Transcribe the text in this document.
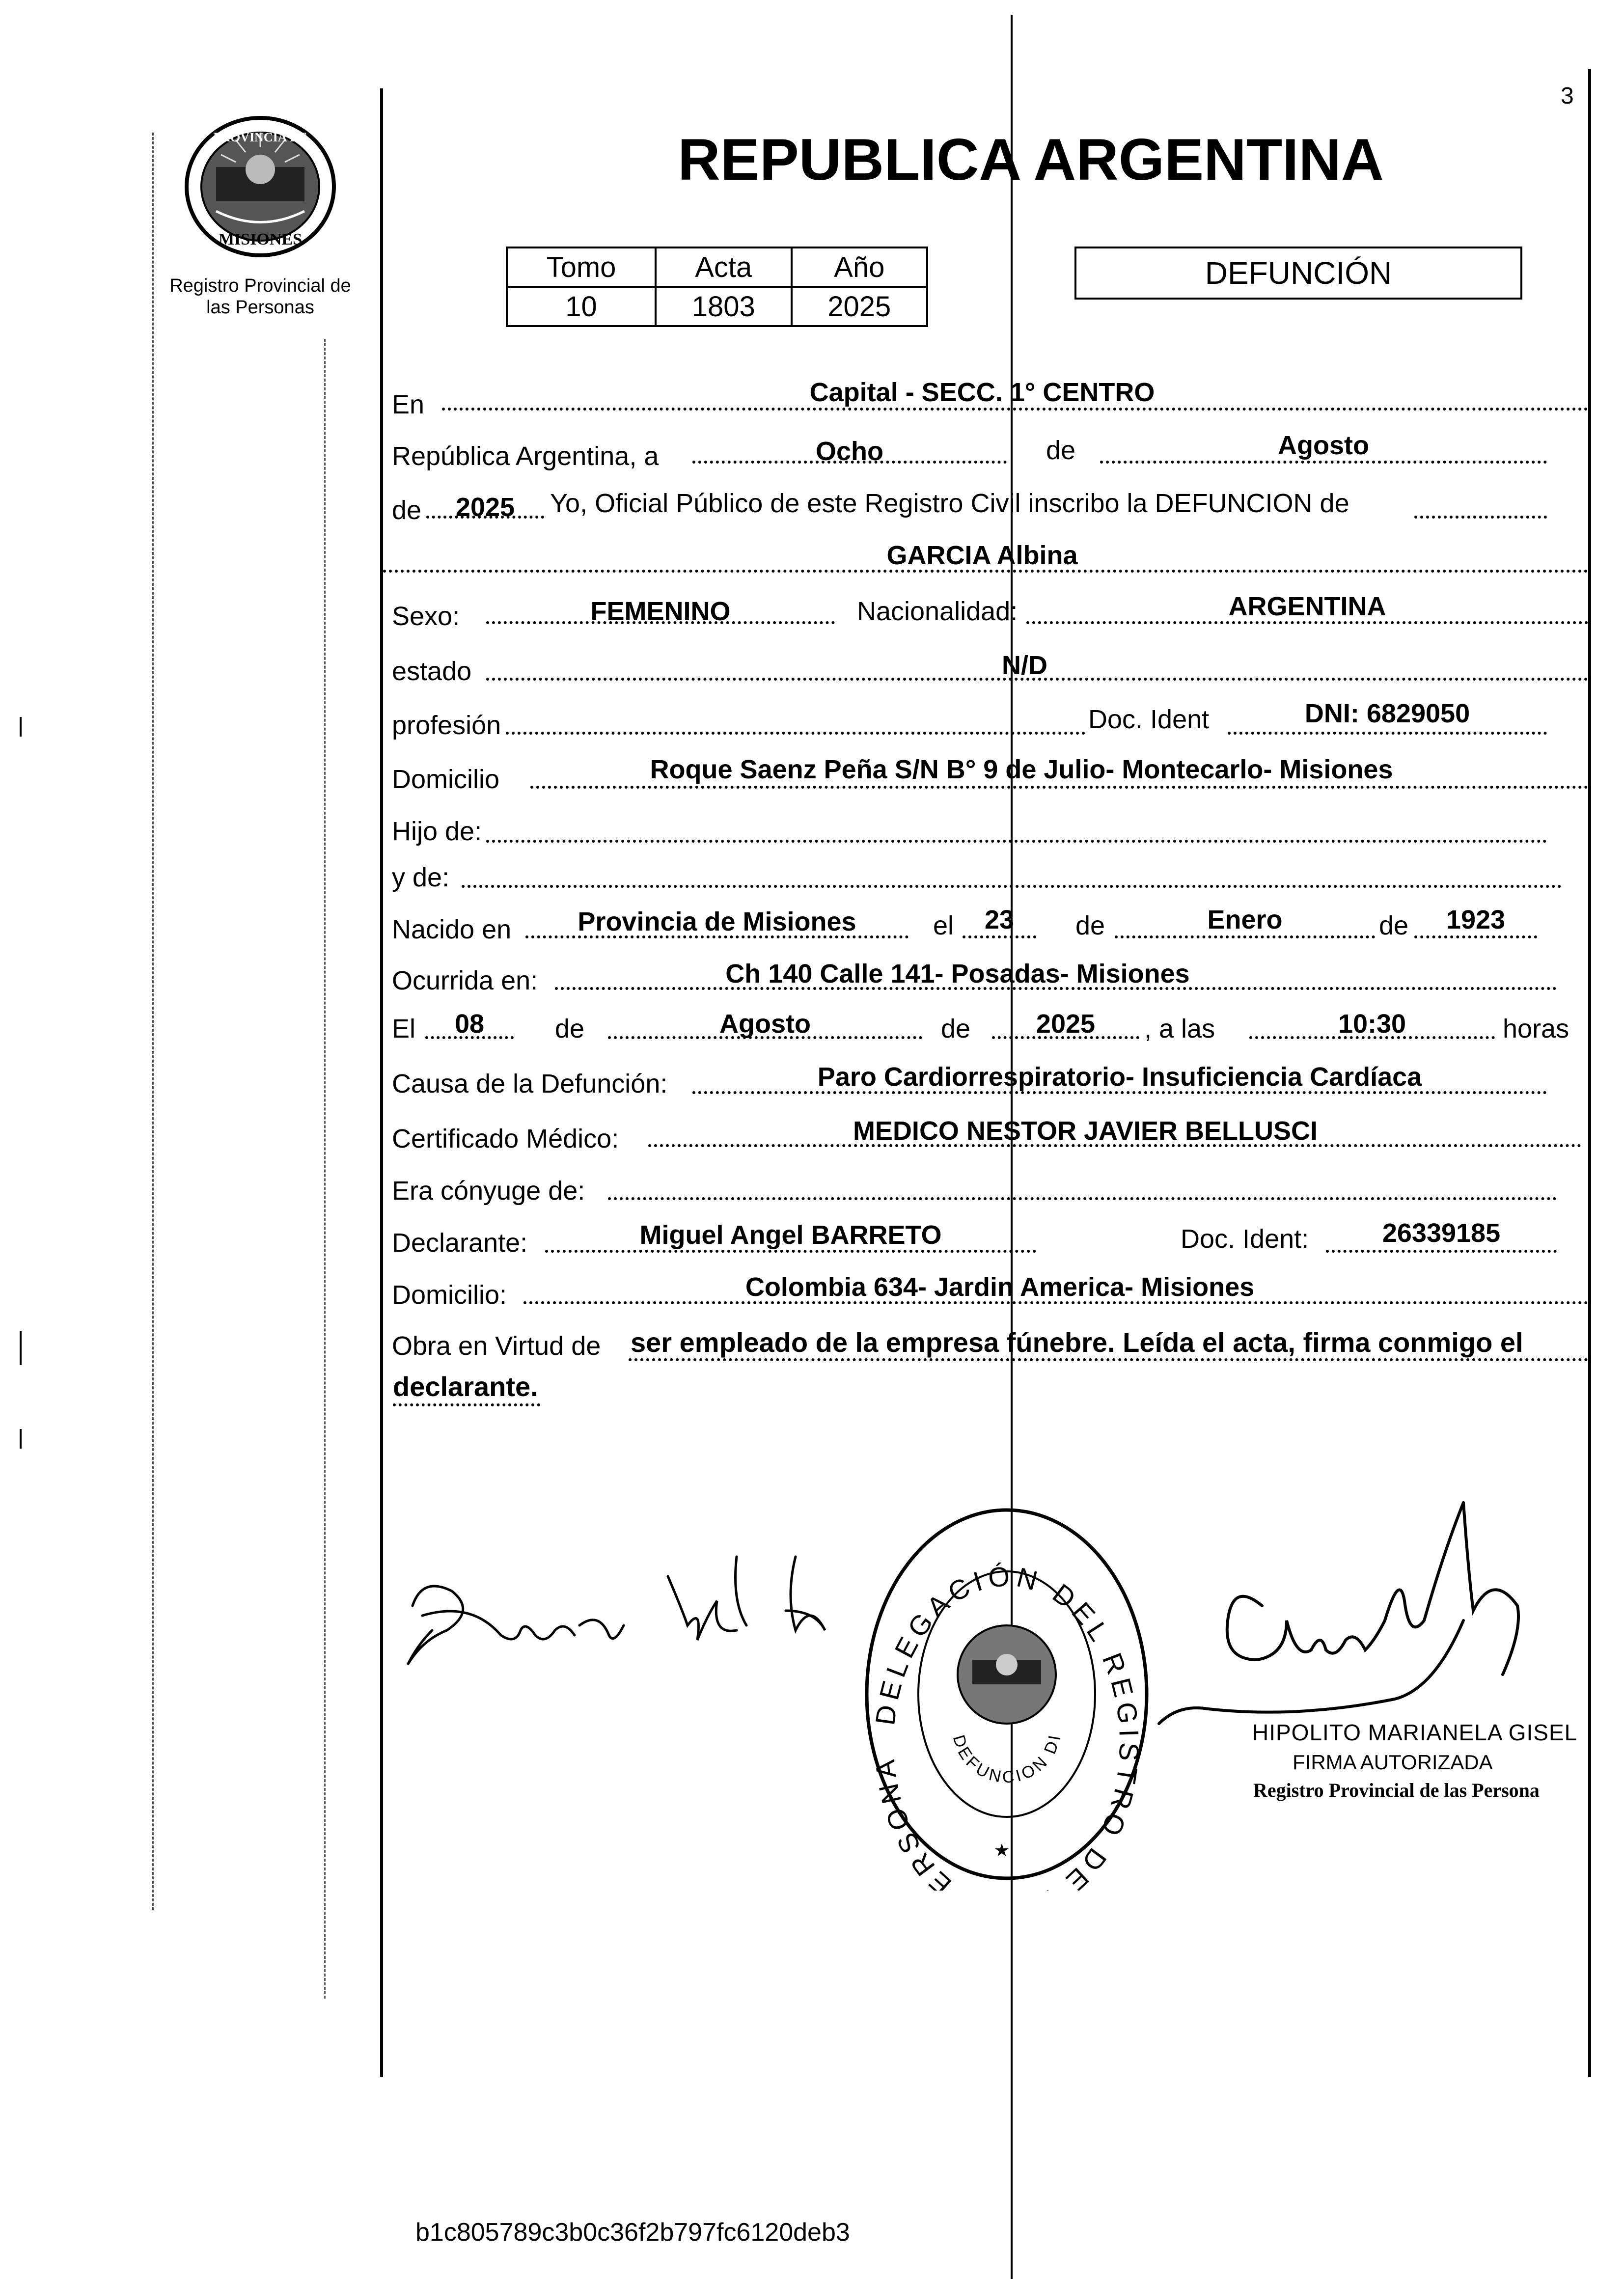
3
PROVINCIA DE
MISIONES
Registro Provincial de las Personas
REPUBLICA ARGENTINA
Tomo	Acta	Año
10	1803	2025
DEFUNCIÓN
En	Capital - SECC. 1° CENTRO
República Argentina, a	Ocho	de	Agosto
de	2025	Yo, Oficial Público de este Registro Civil inscribo la DEFUNCION de
GARCIA Albina
Sexo:	FEMENINO	Nacionalidad:	ARGENTINA
estado	N/D
profesión	Doc. Ident	DNI: 6829050
Domicilio	Roque Saenz Peña S/N B° 9 de Julio- Montecarlo- Misiones
Hijo de:
y de:
Nacido en	Provincia de Misiones	el	23	de	Enero	de	1923
Ocurrida en:	Ch 140 Calle 141- Posadas- Misiones
El	08	de	Agosto	de	2025	, a las	10:30	horas
Causa de la Defunción:	Paro Cardiorrespiratorio- Insuficiencia Cardíaca
Certificado Médico:	MEDICO NESTOR JAVIER BELLUSCI
Era cónyuge de:
Declarante:	Miguel Angel BARRETO	Doc. Ident:	26339185
Domicilio:	Colombia 634- Jardin America- Misiones
Obra en Virtud de ser empleado de la empresa fúnebre. Leída el acta, firma conmigo el
declarante.
DELEGACIÓN DEL REGISTRO DE ERSONA
DEFUNCION DI
★
HIPOLITO MARIANELA GISEL
FIRMA AUTORIZADA
Registro Provincial de las Persona
b1c805789c3b0c36f2b797fc6120deb3
